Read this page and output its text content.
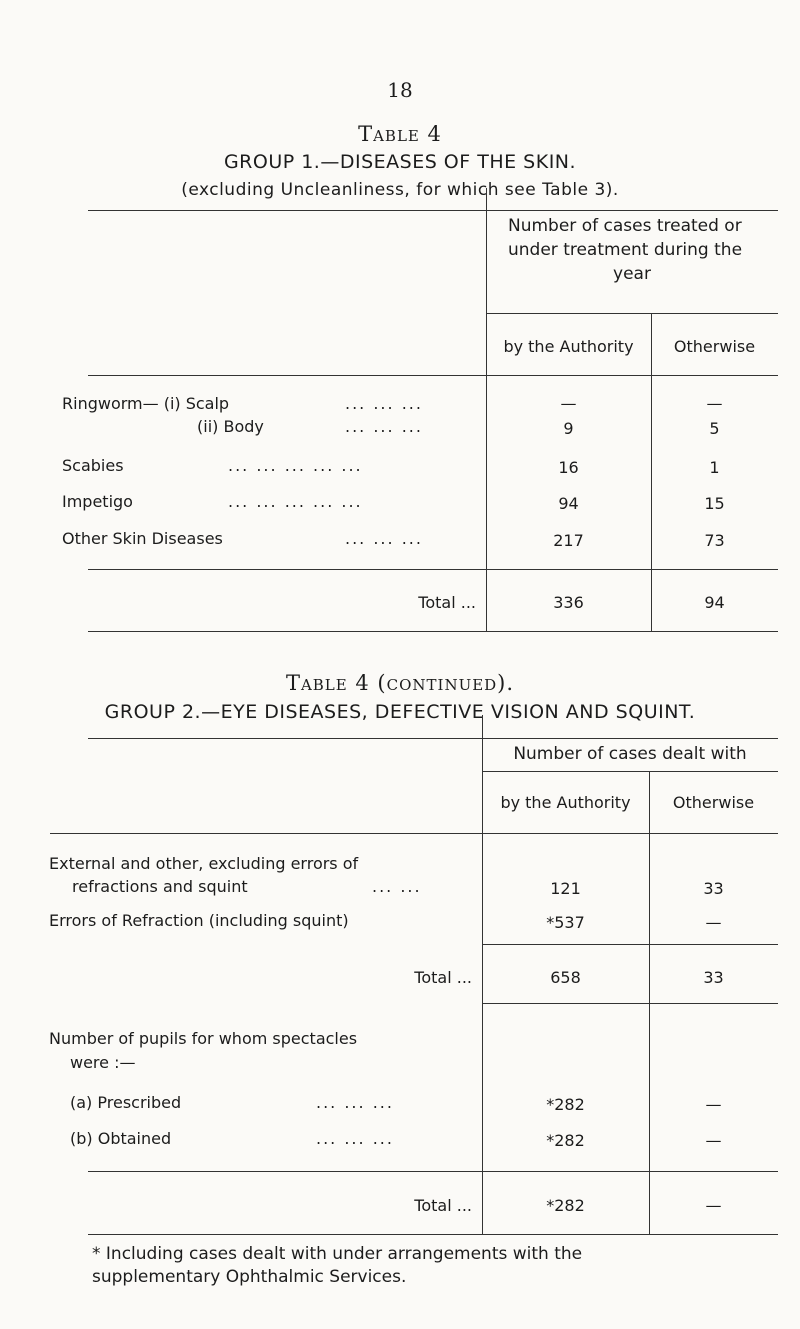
18
Table 4
GROUP 1.—DISEASES OF THE SKIN.
(excluding Uncleanliness, for which see Table 3).
Number of cases treated or
under treatment during the
year
by the Authority	Otherwise
Ringworm— (i) Scalp	... ... ...	—	—
(ii) Body	... ... ...	9	5
Scabies	... ... ... ... ...	16	1
Impetigo	... ... ... ... ...	94	15
Other Skin Diseases	... ... ...	217	73
Total ...	336	94
Table 4 (continued).
GROUP 2.—EYE DISEASES, DEFECTIVE VISION AND SQUINT.
Number of cases dealt with
by the Authority	Otherwise
External and other, excluding errors of
refractions and squint	... ...	121	33
Errors of Refraction (including squint)	*537	—
Total ...	658	33
Number of pupils for whom spectacles
were :—
(a) Prescribed	... ... ...	*282	—
(b) Obtained	... ... ...	*282	—
Total ...	*282	—
* Including cases dealt with under arrangements with the
supplementary Ophthalmic Services.
